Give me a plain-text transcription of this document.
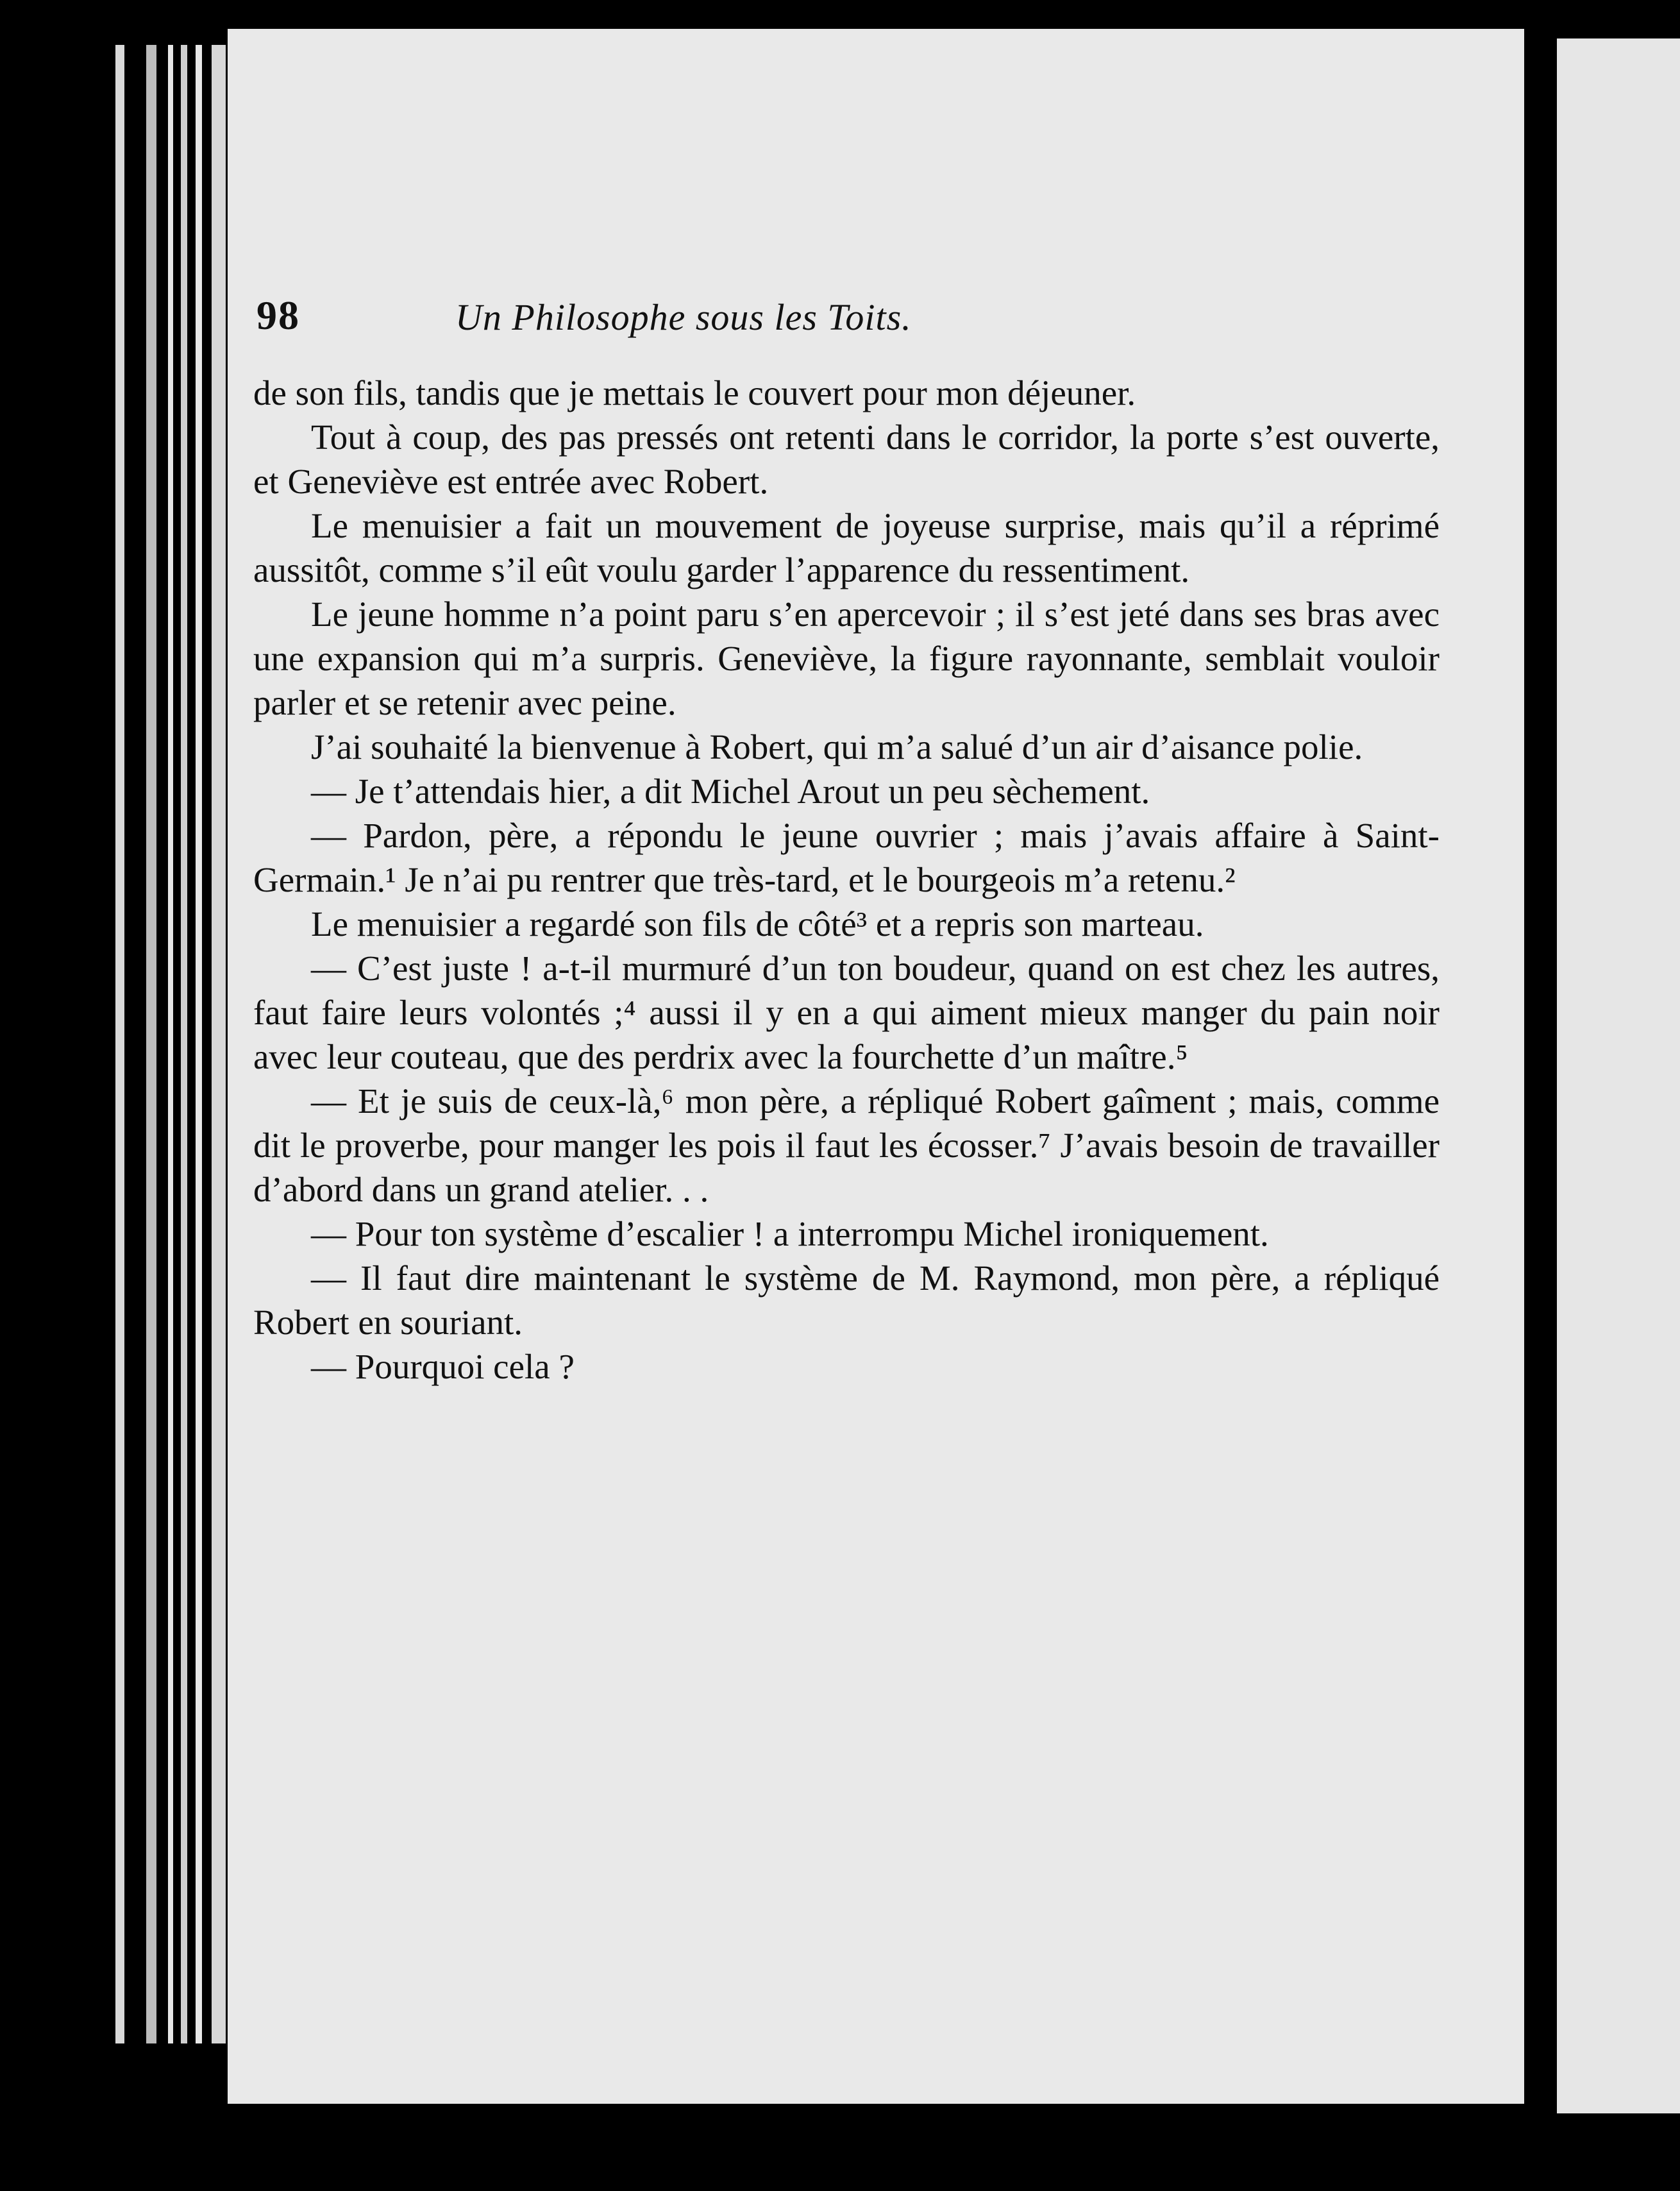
98	Un Philosophe sous les Toits.

de son fils, tandis que je mettais le couvert pour mon déjeuner.

Tout à coup, des pas pressés ont retenti dans le corridor, la porte s’est ouverte, et Geneviève est entrée avec Robert.

Le menuisier a fait un mouvement de joyeuse surprise, mais qu’il a réprimé aussitôt, comme s’il eût voulu garder l’apparence du ressentiment.

Le jeune homme n’a point paru s’en apercevoir ; il s’est jeté dans ses bras avec une expansion qui m’a surpris. Geneviève, la figure rayonnante, semblait vouloir parler et se retenir avec peine.

J’ai souhaité la bienvenue à Robert, qui m’a salué d’un air d’aisance polie.

— Je t’attendais hier, a dit Michel Arout un peu sèchement.

— Pardon, père, a répondu le jeune ouvrier ; mais j’avais affaire à Saint-Germain.¹ Je n’ai pu rentrer que très-tard, et le bourgeois m’a retenu.²

Le menuisier a regardé son fils de côté³ et a repris son marteau.

— C’est juste ! a-t-il murmuré d’un ton boudeur, quand on est chez les autres, faut faire leurs volontés ;⁴ aussi il y en a qui aiment mieux manger du pain noir avec leur couteau, que des perdrix avec la fourchette d’un maître.⁵

— Et je suis de ceux-là,⁶ mon père, a répliqué Robert gaîment ; mais, comme dit le proverbe, pour manger les pois il faut les écosser.⁷ J’avais besoin de travailler d’abord dans un grand atelier. . .

— Pour ton système d’escalier ! a interrompu Michel ironiquement.

— Il faut dire maintenant le système de M. Raymond, mon père, a répliqué Robert en souriant.

— Pourquoi cela ?
